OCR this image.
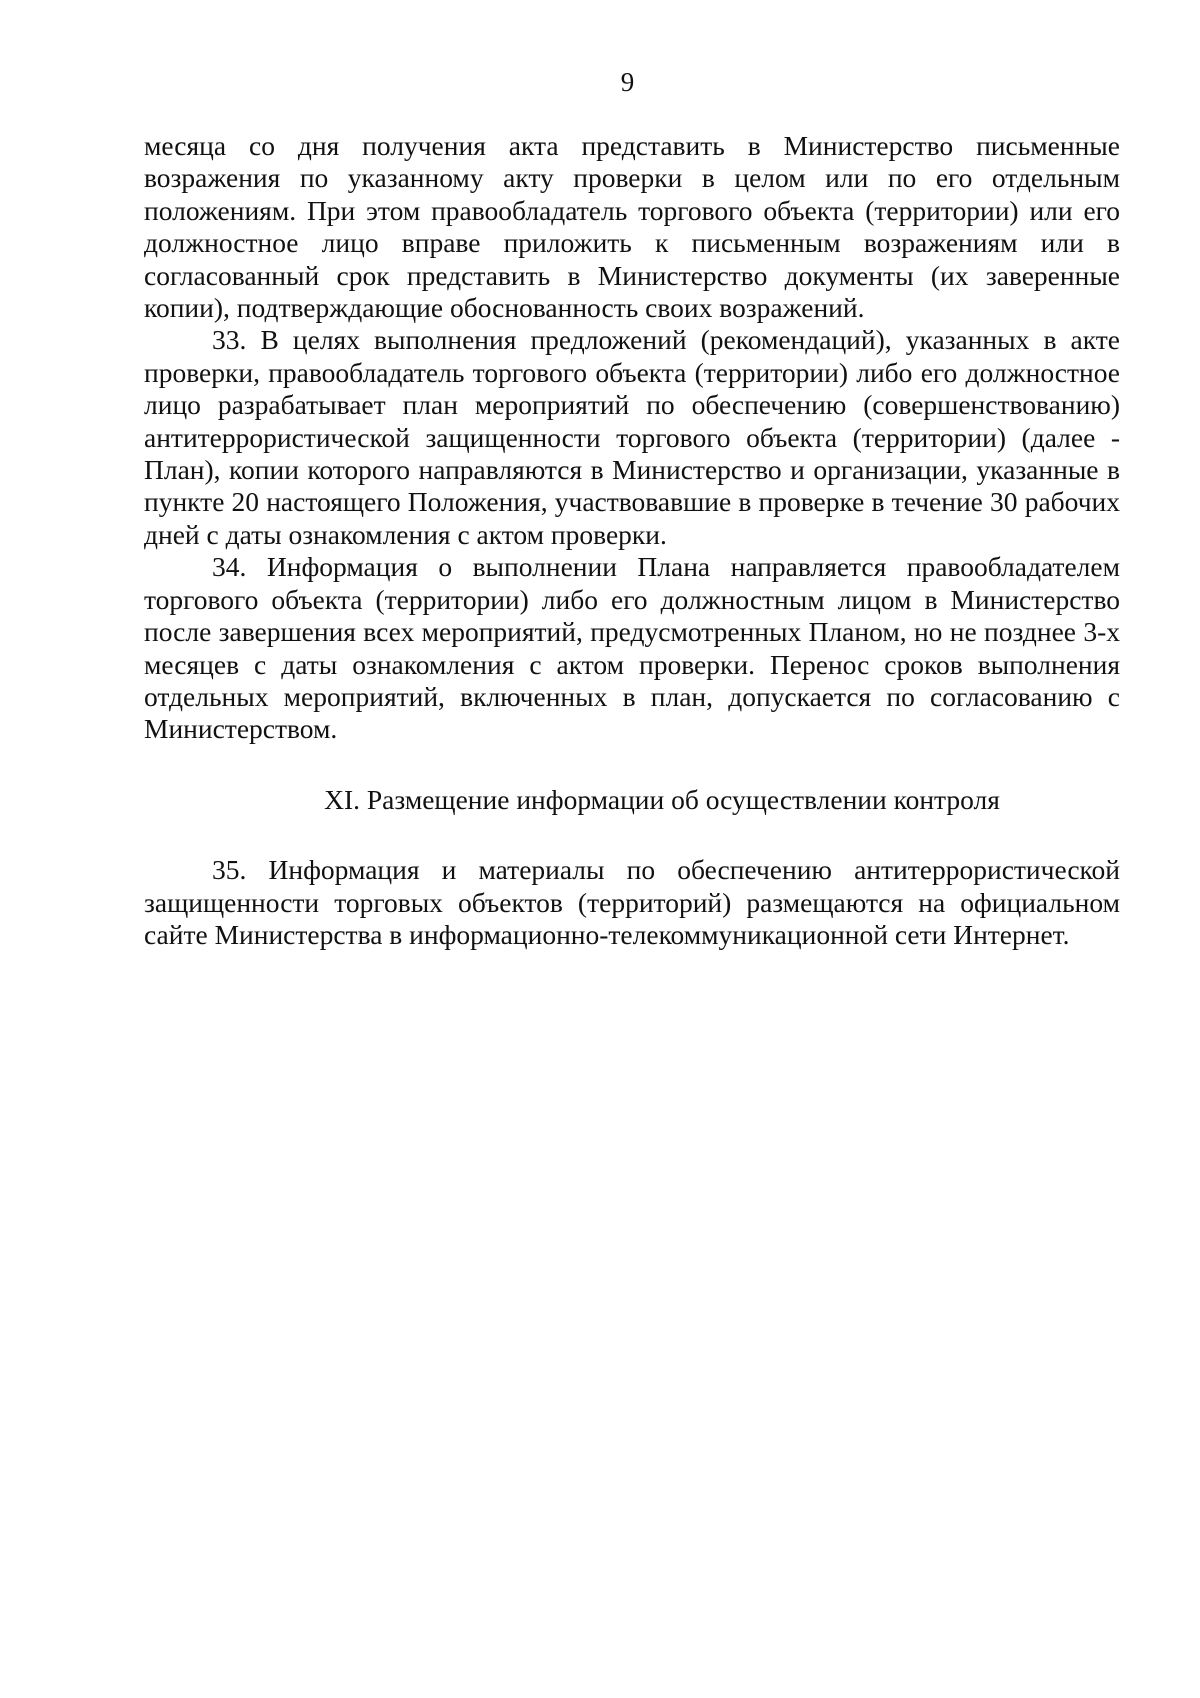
9

месяца со дня получения акта представить в Министерство письменные возражения по указанному акту проверки в целом или по его отдельным положениям. При этом правообладатель торгового объекта (территории) или его должностное лицо вправе приложить к письменным возражениям или в согласованный срок представить в Министерство документы (их заверенные копии), подтверждающие обоснованность своих возражений.

33. В целях выполнения предложений (рекомендаций), указанных в акте проверки, правообладатель торгового объекта (территории) либо его должностное лицо разрабатывает план мероприятий по обеспечению (совершенствованию) антитеррористической защищенности торгового объекта (территории) (далее - План), копии которого направляются в Министерство и организации, указанные в пункте 20 настоящего Положения, участвовавшие в проверке в течение 30 рабочих дней с даты ознакомления с актом проверки.

34. Информация о выполнении Плана направляется правообладателем торгового объекта (территории) либо его должностным лицом в Министерство после завершения всех мероприятий, предусмотренных Планом, но не позднее 3-х месяцев с даты ознакомления с актом проверки. Перенос сроков выполнения отдельных мероприятий, включенных в план, допускается по согласованию с Министерством.

XI. Размещение информации об осуществлении контроля

35. Информация и материалы по обеспечению антитеррористической защищенности торговых объектов (территорий) размещаются на официальном сайте Министерства в информационно-телекоммуникационной сети Интернет.
